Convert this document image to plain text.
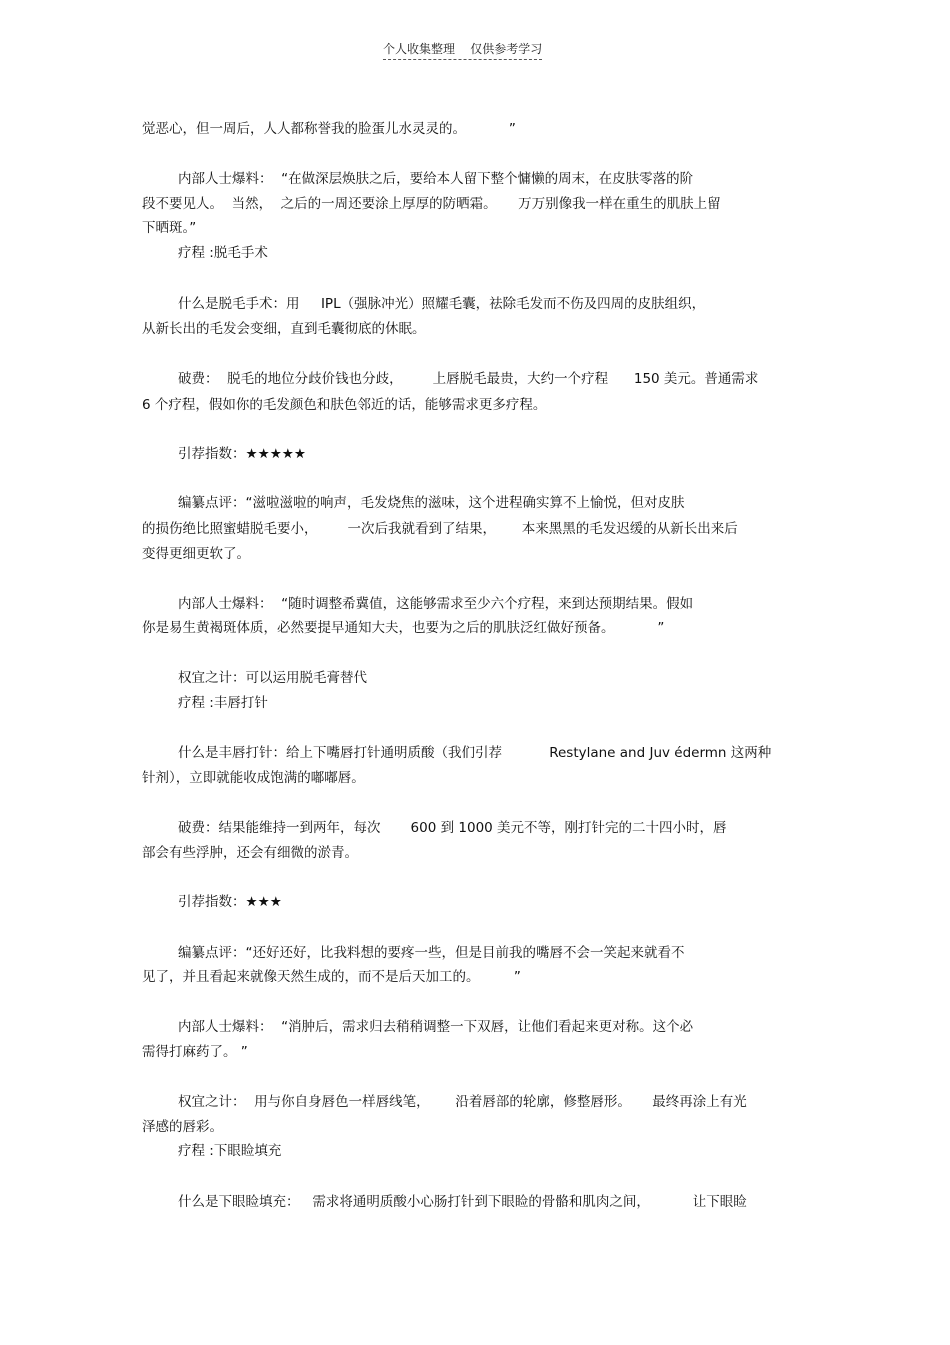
个人收集整理    仅供参考学习
觉恶心，但一周后，人人都称誉我的脸蛋儿水灵灵的。          ”
内部人士爆料：  “在做深层焕肤之后，要给本人留下整个慵懒的周末，在皮肤零落的阶
段不要见人。  当然，  之后的一周还要涂上厚厚的防晒霜。     万万别像我一样在重生的肌肤上留
下晒斑。”
疗程 :脱毛手术
什么是脱毛手术：用     IPL（强脉冲光）照耀毛囊，祛除毛发而不伤及四周的皮肤组织，
从新长出的毛发会变细，直到毛囊彻底的休眠。
破费：  脱毛的地位分歧价钱也分歧，       上唇脱毛最贵，大约一个疗程      150 美元。普通需求
6 个疗程，假如你的毛发颜色和肤色邻近的话，能够需求更多疗程。
引荐指数：★★★★★
编纂点评：“滋啦滋啦的响声，毛发烧焦的滋味，这个进程确实算不上愉悦，但对皮肤
的损伤绝比照蜜蜡脱毛要小，       一次后我就看到了结果，      本来黑黑的毛发迟缓的从新长出来后
变得更细更软了。
内部人士爆料：  “随时调整希冀值，这能够需求至少六个疗程，来到达预期结果。假如
你是易生黄褐斑体质，必然要提早通知大夫，也要为之后的肌肤泛红做好预备。          ”
权宜之计：可以运用脱毛膏替代
疗程 :丰唇打针
什么是丰唇打针：给上下嘴唇打针通明质酸（我们引荐           Restylane and Juv édermn 这两种
针剂），立即就能收成饱满的嘟嘟唇。
破费：结果能维持一到两年，每次       600 到 1000 美元不等，刚打针完的二十四小时，唇
部会有些浮肿，还会有细微的淤青。
引荐指数：★★★
编纂点评：“还好还好，比我料想的要疼一些，但是目前我的嘴唇不会一笑起来就看不
见了，并且看起来就像天然生成的，而不是后天加工的。        ”
内部人士爆料：  “消肿后，需求归去稍稍调整一下双唇，让他们看起来更对称。这个必
需得打麻药了。 ”
权宜之计：  用与你自身唇色一样唇线笔，      沿着唇部的轮廓，修整唇形。     最终再涂上有光
泽感的唇彩。
疗程 :下眼睑填充
什么是下眼睑填充：   需求将通明质酸小心肠打针到下眼睑的骨骼和肌肉之间，          让下眼睑
